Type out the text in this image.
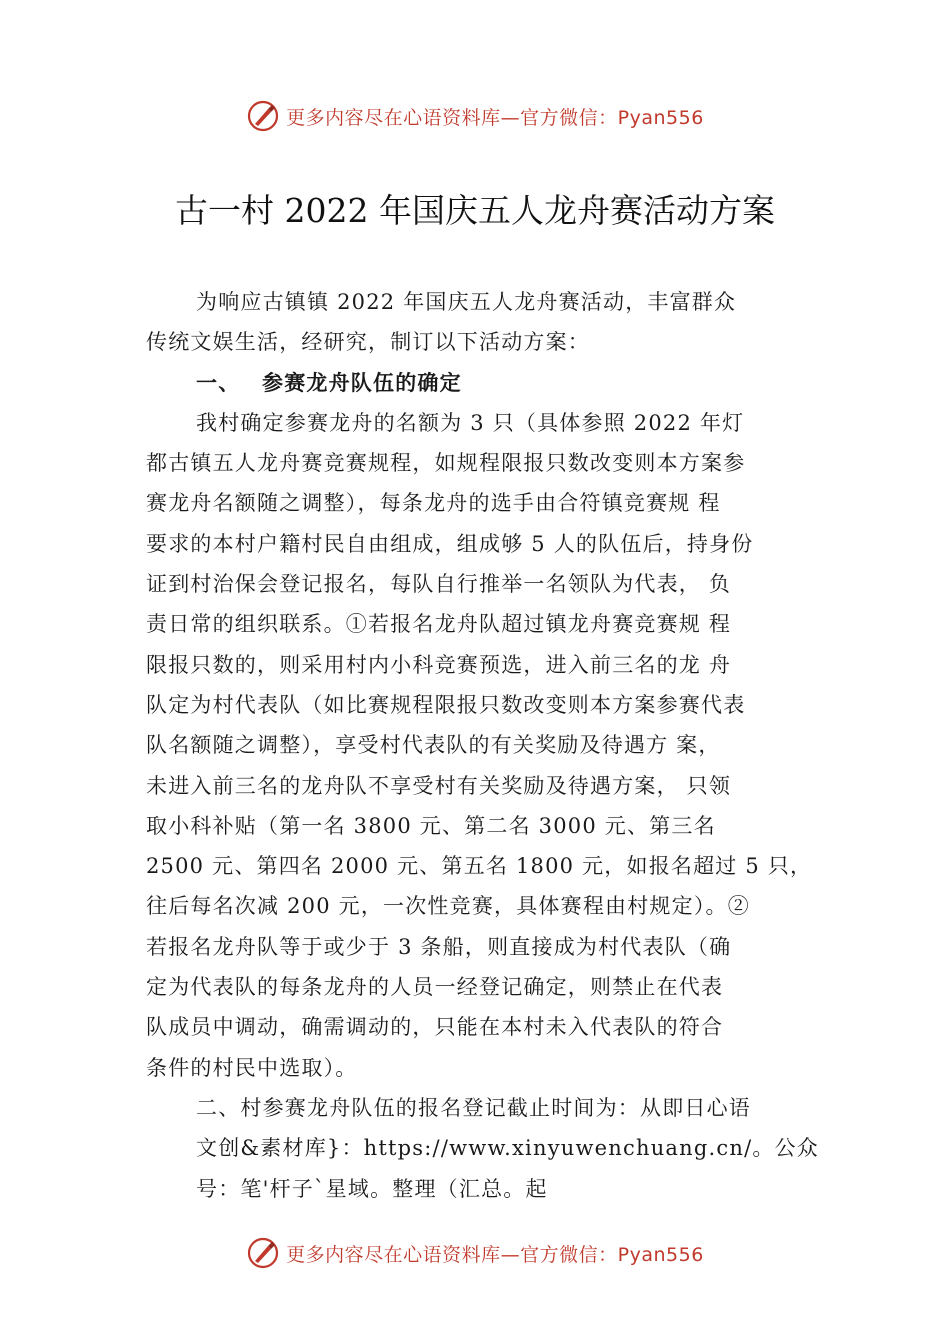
更多内容尽在心语资料库—官方微信：Pyan556
古一村 2022 年国庆五人龙舟赛活动方案
为响应古镇镇 2022 年国庆五人龙舟赛活动，丰富群众
传统文娱生活，经研究，制订以下活动方案：
一、 参赛龙舟队伍的确定
我村确定参赛龙舟的名额为 3 只（具体参照 2022 年灯
都古镇五人龙舟赛竞赛规程，如规程限报只数改变则本方案参
赛龙舟名额随之调整），每条龙舟的选手由合符镇竞赛规 程
要求的本村户籍村民自由组成，组成够 5 人的队伍后，持身份
证到村治保会登记报名，每队自行推举一名领队为代表， 负
责日常的组织联系。①若报名龙舟队超过镇龙舟赛竞赛规 程
限报只数的，则采用村内小科竞赛预选，进入前三名的龙 舟
队定为村代表队（如比赛规程限报只数改变则本方案参赛代表
队名额随之调整），享受村代表队的有关奖励及待遇方 案，
未进入前三名的龙舟队不享受村有关奖励及待遇方案， 只领
取小科补贴（第一名 3800 元、第二名 3000 元、第三名
2500 元、第四名 2000 元、第五名 1800 元，如报名超过 5 只，
往后每名次减 200 元，一次性竞赛，具体赛程由村规定）。②
若报名龙舟队等于或少于 3 条船，则直接成为村代表队（确
定为代表队的每条龙舟的人员一经登记确定，则禁止在代表
队成员中调动，确需调动的，只能在本村未入代表队的符合
条件的村民中选取）。
二、村参赛龙舟队伍的报名登记截止时间为：从即日心语
文创&素材库}：https://www.xinyuwenchuang.cn/。公众
号：笔'杆子`星域。整理（汇总。起
更多内容尽在心语资料库—官方微信：Pyan556
